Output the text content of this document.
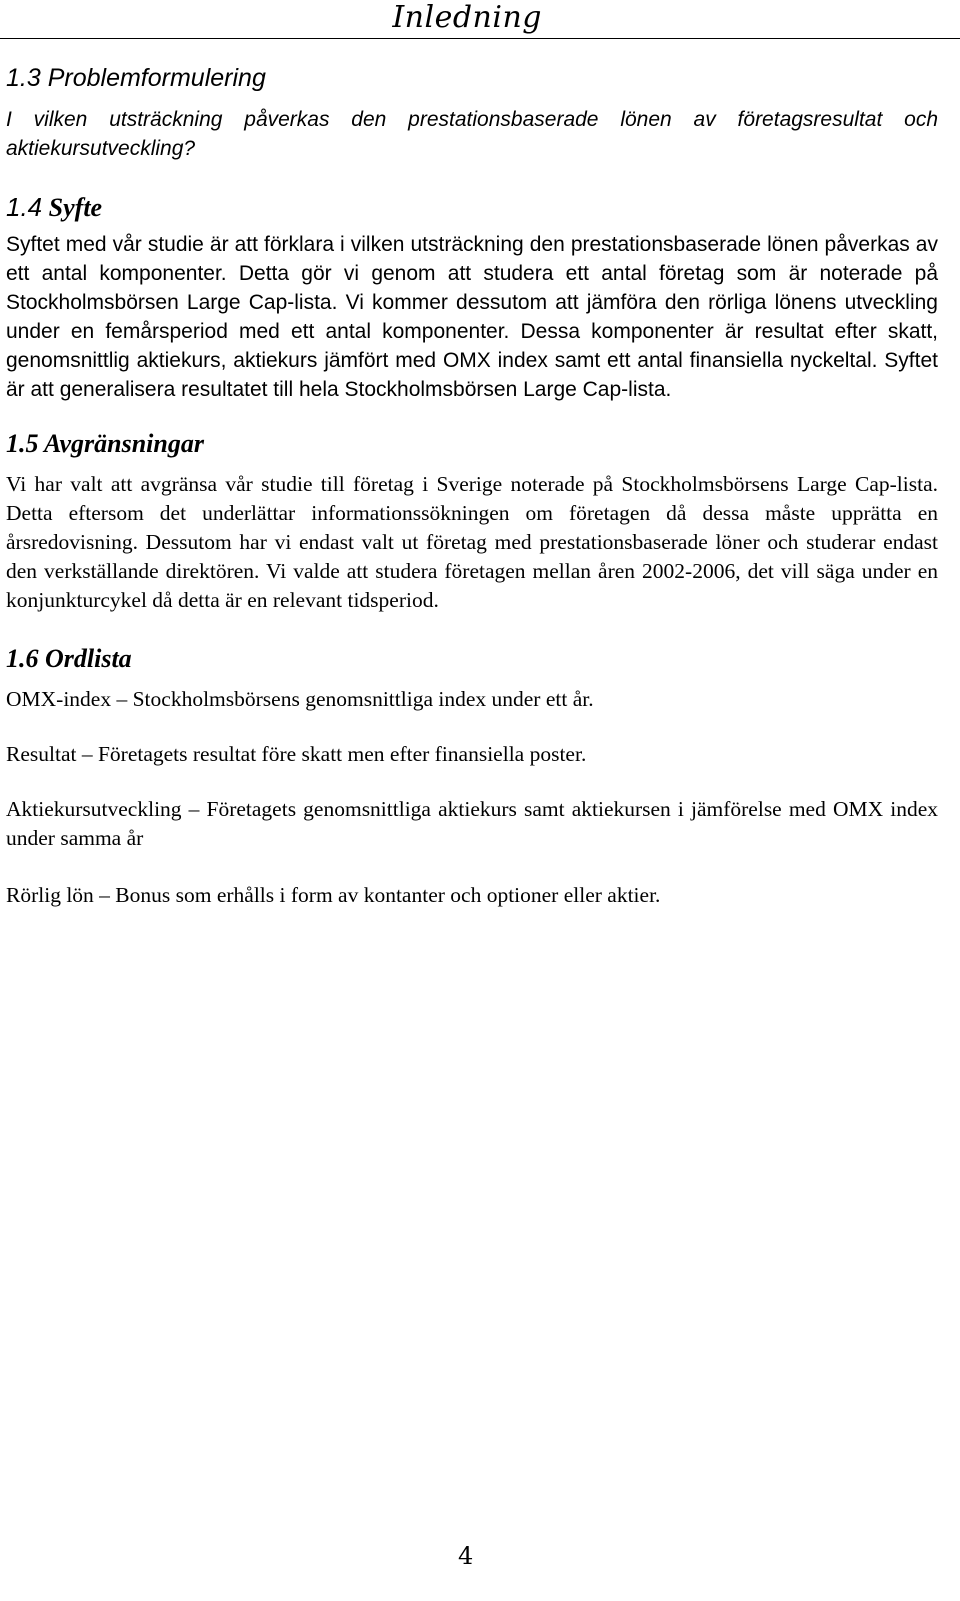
Inledning
1.3 Problemformulering

I vilken utsträckning påverkas den prestationsbaserade lönen av företagsresultat och aktiekursutveckling?

1.4 Syfte

Syftet med vår studie är att förklara i vilken utsträckning den prestationsbaserade lönen påverkas av ett antal komponenter. Detta gör vi genom att studera ett antal företag som är noterade på Stockholmsbörsen Large Cap-lista. Vi kommer dessutom att jämföra den rörliga lönens utveckling under en femårsperiod med ett antal komponenter. Dessa komponenter är resultat efter skatt, genomsnittlig aktiekurs, aktiekurs jämfört med OMX index samt ett antal finansiella nyckeltal. Syftet är att generalisera resultatet till hela Stockholmsbörsen Large Cap-lista.

1.5 Avgränsningar

Vi har valt att avgränsa vår studie till företag i Sverige noterade på Stockholmsbörsens Large Cap-lista. Detta eftersom det underlättar informationssökningen om företagen då dessa måste upprätta en årsredovisning. Dessutom har vi endast valt ut företag med prestationsbaserade löner och studerar endast den verkställande direktören. Vi valde att studera företagen mellan åren 2002-2006, det vill säga under en konjunkturcykel då detta är en relevant tidsperiod.

1.6 Ordlista

OMX-index – Stockholmsbörsens genomsnittliga index under ett år.

Resultat – Företagets resultat före skatt men efter finansiella poster.

Aktiekursutveckling – Företagets genomsnittliga aktiekurs samt aktiekursen i jämförelse med OMX index under samma år

Rörlig lön – Bonus som erhålls i form av kontanter och optioner eller aktier.

4
